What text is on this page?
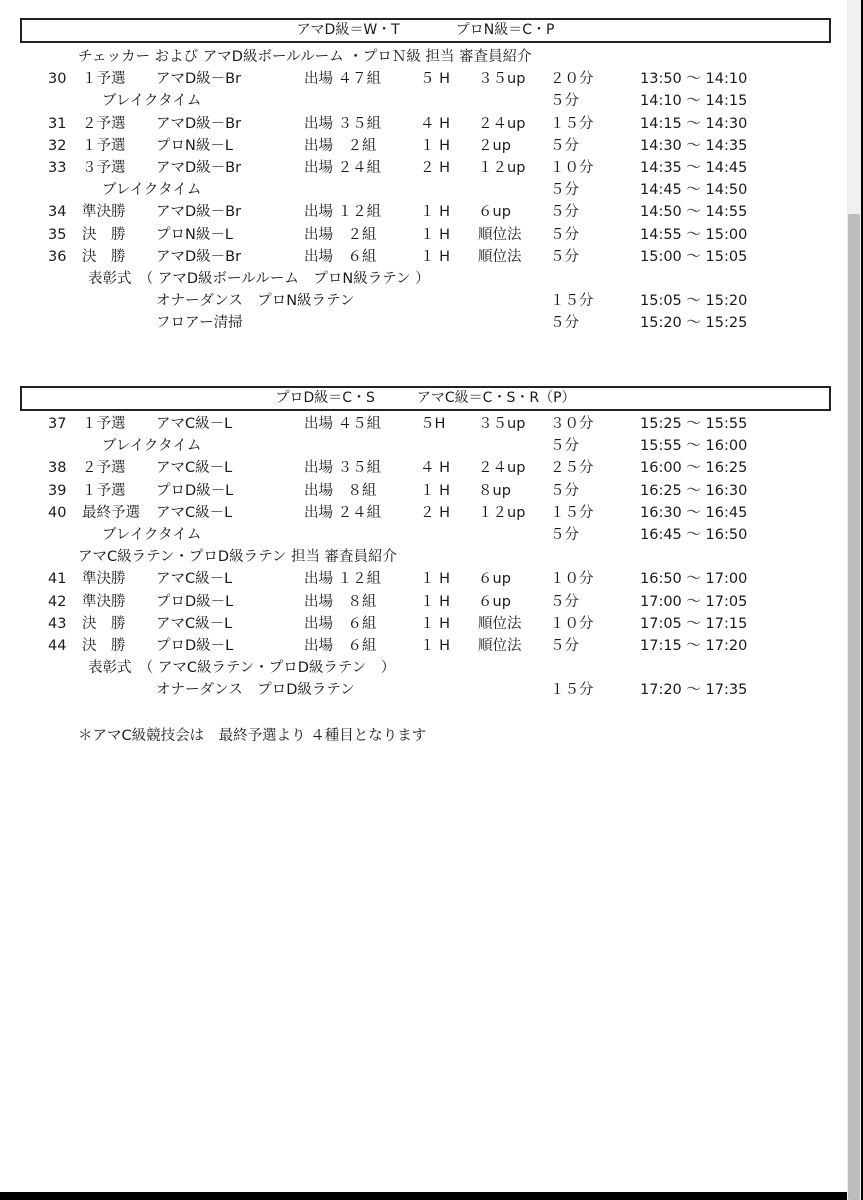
アマD級＝W・T　　　　プロN級＝C・P
チェッカー および アマD級ボールルーム ・プロＮ級 担当 審査員紹介
30 １予選 アマD級－Br	出場 ４７組	５ H ３５up ２０分	13:50 〜 14:10
ブレイクタイム	５分	14:10 〜 14:15
31 ２予選 アマD級－Br	出場 ３５組	４ H ２４up １５分	14:15 〜 14:30
32 １予選 プロN級－L	出場　２組	１ H ２up	５分	14:30 〜 14:35
33 ３予選 アマD級－Br	出場 ２４組	２ H １２up １０分	14:35 〜 14:45
ブレイクタイム	５分	14:45 〜 14:50
34 準決勝 アマD級－Br	出場 １２組	１ H ６up	５分	14:50 〜 14:55
35 決　勝 プロN級－L	出場　２組	１ H 順位法 ５分	14:55 〜 15:00
36 決　勝 アマD級－Br	出場　６組	１ H 順位法 ５分	15:00 〜 15:05
表彰式　（ アマD級ボールルーム　プロN級ラテン ）
オナーダンス　プロN級ラテン	１５分	15:05 〜 15:20
フロアー清掃	５分	15:20 〜 15:25
プロD級＝C・S　　　アマC級＝C・S・R（P）
37 １予選 アマC級－L	出場 ４５組	５H ３５up ３０分	15:25 〜 15:55
ブレイクタイム	５分	15:55 〜 16:00
38 ２予選 アマC級－L	出場 ３５組	４ H ２４up ２５分	16:00 〜 16:25
39 １予選 プロD級－L	出場　８組	１ H ８up	５分	16:25 〜 16:30
40 最終予選 アマC級－L	出場 ２４組	２ H １２up １５分	16:30 〜 16:45
ブレイクタイム	５分	16:45 〜 16:50
アマC級ラテン・プロD級ラテン 担当 審査員紹介
41 準決勝 アマC級－L	出場 １２組	１ H ６up	１０分	16:50 〜 17:00
42 準決勝 プロD級－L	出場　８組	１ H ６up	５分	17:00 〜 17:05
43 決　勝 アマC級－L	出場　６組	１ H 順位法 １０分	17:05 〜 17:15
44 決　勝 プロD級－L	出場　６組	１ H 順位法 ５分	17:15 〜 17:20
表彰式　（ アマC級ラテン・プロD級ラテン　）
オナーダンス　プロD級ラテン	１５分	17:20 〜 17:35
＊アマC級競技会は　最終予選より ４種目となります
